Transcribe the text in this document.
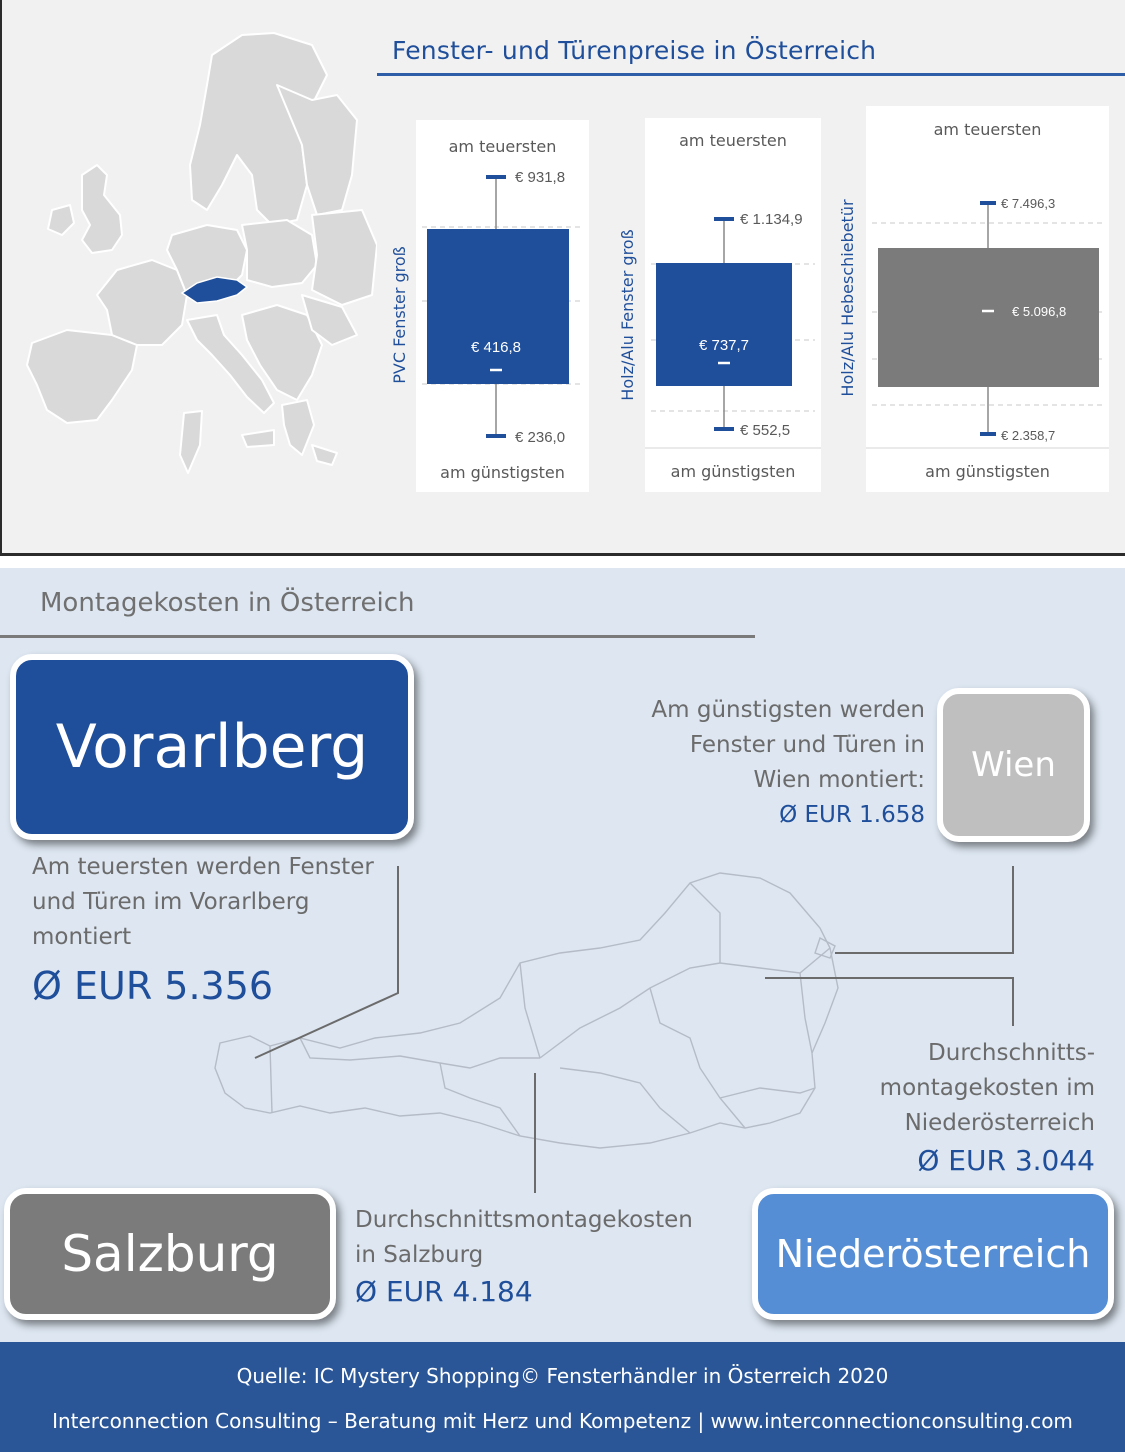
Fenster- und Türenpreise in Österreich
€ 931,8
€ 236,0
€ 416,8
am teuersten
am günstigsten
PVC Fenster groß
€ 1.134,9
€ 552,5
€ 737,7
am teuersten
am günstigsten
Holz/Alu Fenster groß
€ 7.496,3
€ 2.358,7
€ 5.096,8
am teuersten
am günstigsten
Holz/Alu Hebeschiebetür
Montagekosten in Österreich
Vorarlberg	Wien
Salzburg	Niederösterreich
Am teuersten werden Fenster
und Türen im Vorarlberg
montiert
Ø EUR 5.356
Am günstigsten werden
Fenster und Türen in
Wien montiert:
Ø EUR 1.658
Durchschnitts-
montagekosten im
Niederösterreich
Ø EUR 3.044
Durchschnittsmontagekosten
in Salzburg
Ø EUR 4.184
Quelle: IC Mystery Shopping© Fensterhändler in Österreich 2020
Interconnection Consulting – Beratung mit Herz und Kompetenz | www.interconnectionconsulting.com
